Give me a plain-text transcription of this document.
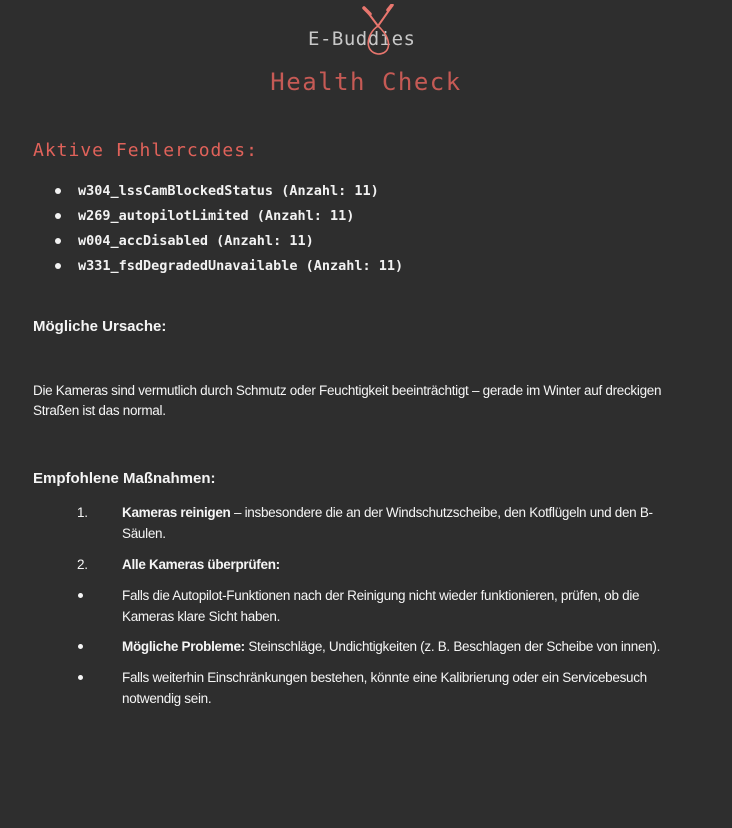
E-Buddies
Health Check
Aktive Fehlercodes:
w304_lssCamBlockedStatus (Anzahl: 11)
w269_autopilotLimited (Anzahl: 11)
w004_accDisabled (Anzahl: 11)
w331_fsdDegradedUnavailable (Anzahl: 11)
Mögliche Ursache:

Die Kameras sind vermutlich durch Schmutz oder Feuchtigkeit beeinträchtigt – gerade im Winter auf dreckigen Straßen ist das normal.

Empfohlene Maßnahmen:
1.	Kameras reinigen – insbesondere die an der Windschutzscheibe, den Kotflügeln und den B-Säulen.
2.	Alle Kameras überprüfen:
Falls die Autopilot-Funktionen nach der Reinigung nicht wieder funktionieren, prüfen, ob die Kameras klare Sicht haben.
Mögliche Probleme: Steinschläge, Undichtigkeiten (z. B. Beschlagen der Scheibe von innen).
Falls weiterhin Einschränkungen bestehen, könnte eine Kalibrierung oder ein Servicebesuch notwendig sein.
